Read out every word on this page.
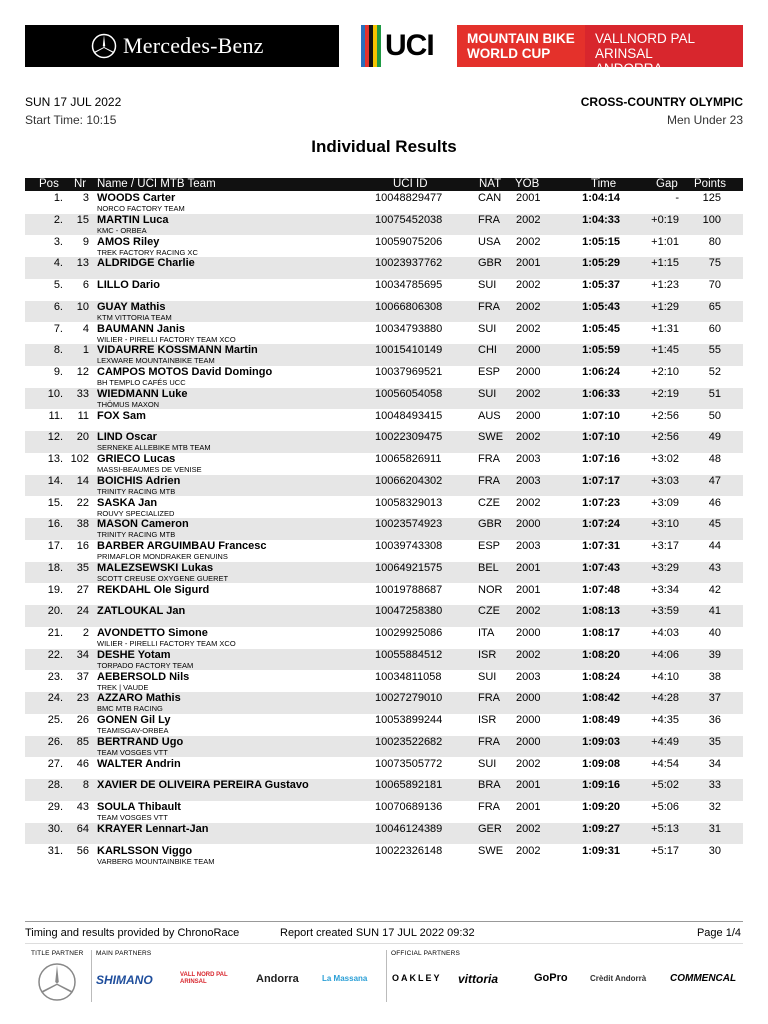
Mercedes-Benz	UCI MOUNTAIN BIKE
WORLD CUP
VALLNORD PAL ARINSAL
ANDORRA
SUN 17 JUL 2022
Start Time: 10:15
CROSS-COUNTRY OLYMPIC
Men Under 23
Individual Results
Pos Nr Name / UCI MTB Team	UCI ID	NAT YOB	Time	Gap Points
1.	3 WOODS Carter
NORCO FACTORY TEAM
10048829477	CAN 2001	1:04:14	-	125
2.	15 MARTIN Luca
KMC - ORBEA
10075452038	FRA 2002	1:04:33	+0:19	100
3.	9 AMOS Riley
TREK FACTORY RACING XC
10059075206	USA 2002	1:05:15	+1:01	80
4.	13 ALDRIDGE Charlie	10023937762	GBR 2001	1:05:29	+1:15	75
5.	6 LILLO Dario	10034785695	SUI 2002	1:05:37	+1:23	70
6.	10 GUAY Mathis
KTM VITTORIA TEAM
10066806308	FRA 2002	1:05:43	+1:29	65
7.	4 BAUMANN Janis
WILIER - PIRELLI FACTORY TEAM XCO
10034793880	SUI 2002	1:05:45	+1:31	60
8.	1 VIDAURRE KOSSMANN Martin
LEXWARE MOUNTAINBIKE TEAM
10015410149	CHI 2000	1:05:59	+1:45	55
9.	12 CAMPOS MOTOS David Domingo
BH TEMPLO CAFÉS UCC
10037969521	ESP 2000	1:06:24	+2:10	52
10.	33 WIEDMANN Luke
THÖMUS MAXON
10056054058	SUI 2002	1:06:33	+2:19	51
11.	11 FOX Sam	10048493415	AUS 2000	1:07:10	+2:56	50
12.	20 LIND Oscar
SERNEKE ALLEBIKE MTB TEAM
10022309475	SWE 2002	1:07:10	+2:56	49
13. 102 GRIECO Lucas
MASSI-BEAUMES DE VENISE
10065826911	FRA 2003	1:07:16	+3:02	48
14.	14 BOICHIS Adrien
TRINITY RACING MTB
10066204302	FRA 2003	1:07:17	+3:03	47
15.	22 SASKA Jan
ROUVY SPECIALIZED
10058329013	CZE 2002	1:07:23	+3:09	46
16.	38 MASON Cameron
TRINITY RACING MTB
10023574923	GBR 2000	1:07:24	+3:10	45
17.	16 BARBER ARGUIMBAU Francesc
PRIMAFLOR MONDRAKER GENUINS
10039743308	ESP 2003	1:07:31	+3:17	44
18.	35 MALEZSEWSKI Lukas
SCOTT CREUSE OXYGENE GUERET
10064921575	BEL 2001	1:07:43	+3:29	43
19.	27 REKDAHL Ole Sigurd	10019788687	NOR 2001	1:07:48	+3:34	42
20.	24 ZATLOUKAL Jan	10047258380	CZE 2002	1:08:13	+3:59	41
21.	2 AVONDETTO Simone
WILIER - PIRELLI FACTORY TEAM XCO
10029925086	ITA 2000	1:08:17	+4:03	40
22.	34 DESHE Yotam
TORPADO FACTORY TEAM
10055884512	ISR 2002	1:08:20	+4:06	39
23.	37 AEBERSOLD Nils
TREK | VAUDE
10034811058	SUI 2003	1:08:24	+4:10	38
24.	23 AZZARO Mathis
BMC MTB RACING
10027279010	FRA 2000	1:08:42	+4:28	37
25.	26 GONEN Gil Ly
TEAMISGAV-ORBEA
10053899244	ISR 2000	1:08:49	+4:35	36
26.	85 BERTRAND Ugo
TEAM VOSGES VTT
10023522682	FRA 2000	1:09:03	+4:49	35
27.	46 WALTER Andrin	10073505772	SUI 2002	1:09:08	+4:54	34
28.	8 XAVIER DE OLIVEIRA PEREIRA Gustavo	10065892181	BRA 2001	1:09:16	+5:02	33
29.	43 SOULA Thibault
TEAM VOSGES VTT
10070689136	FRA 2001	1:09:20	+5:06	32
30.	64 KRAYER Lennart-Jan	10046124389	GER 2002	1:09:27	+5:13	31
31.	56 KARLSSON Viggo
VARBERG MOUNTAINBIKE TEAM
10022326148	SWE 2002	1:09:31	+5:17	30
Timing and results provided by ChronoRace	Report created SUN 17 JUL 2022 09:32	Page 1/4
TITLE PARTNER MAIN PARTNERS	OFFICIAL PARTNERS
SHIMANO	VALL NORD PAL ARINSAL	Andorra	La Massana	OAKLEY vittoria	GoPro	Crèdit Andorrà COMMENCAL
